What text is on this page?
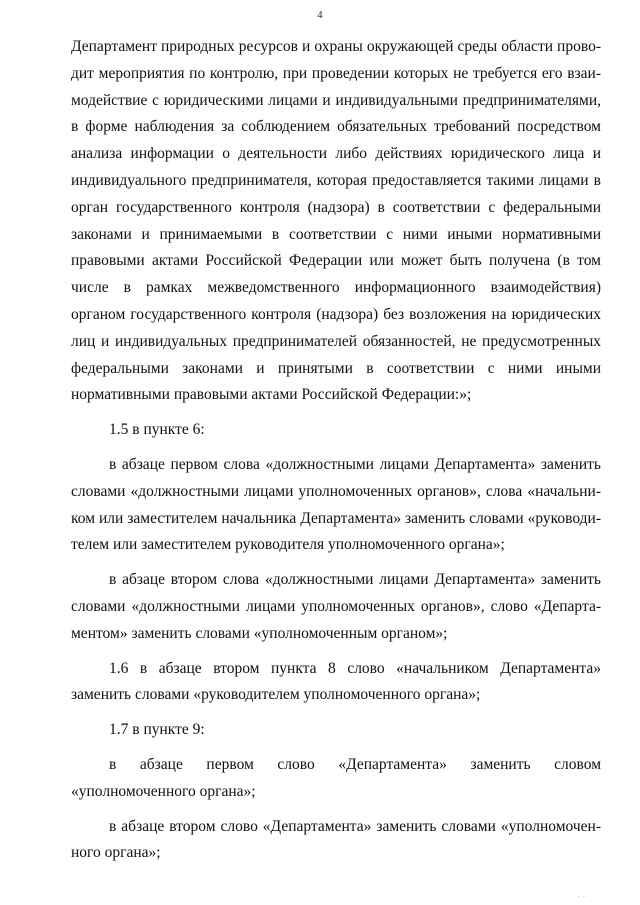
4

Департамент природных ресурсов и охраны окружающей среды области проводит мероприятия по контролю, при проведении которых не требуется его взаимодействие с юридическими лицами и индивидуальными предпринимателями, в форме наблюдения за соблюдением обязательных требований посредством анализа информации о деятельности либо действиях юридического лица и индивидуального предпринимателя, которая предоставляется такими лицами в орган государственного контроля (надзора) в соответствии с федеральными законами и принимаемыми в соответствии с ними иными нормативными правовыми актами Российской Федерации или может быть получена (в том числе в рамках межведомственного информационного взаимодействия) органом государственного контроля (надзора) без возложения на юридических лиц и индивидуальных предпринимателей обязанностей, не предусмотренных федеральными законами и принятыми в соответствии с ними иными нормативными правовыми актами Российской Федерации:»;

1.5 в пункте 6:

в абзаце первом слова «должностными лицами Департамента» заменить словами «должностными лицами уполномоченных органов», слова «начальником или заместителем начальника Департамента» заменить словами «руководителем или заместителем руководителя уполномоченного органа»;

в абзаце втором слова «должностными лицами Департамента» заменить словами «должностными лицами уполномоченных органов», слово «Департаментом» заменить словами «уполномоченным органом»;

1.6 в абзаце втором пункта 8 слово «начальником Департамента» заменить словами «руководителем уполномоченного органа»;

1.7 в пункте 9:

в абзаце первом слово «Департамента» заменить словом «уполномоченного органа»;

в абзаце втором слово «Департамента» заменить словами «уполномоченного органа»;

. .
